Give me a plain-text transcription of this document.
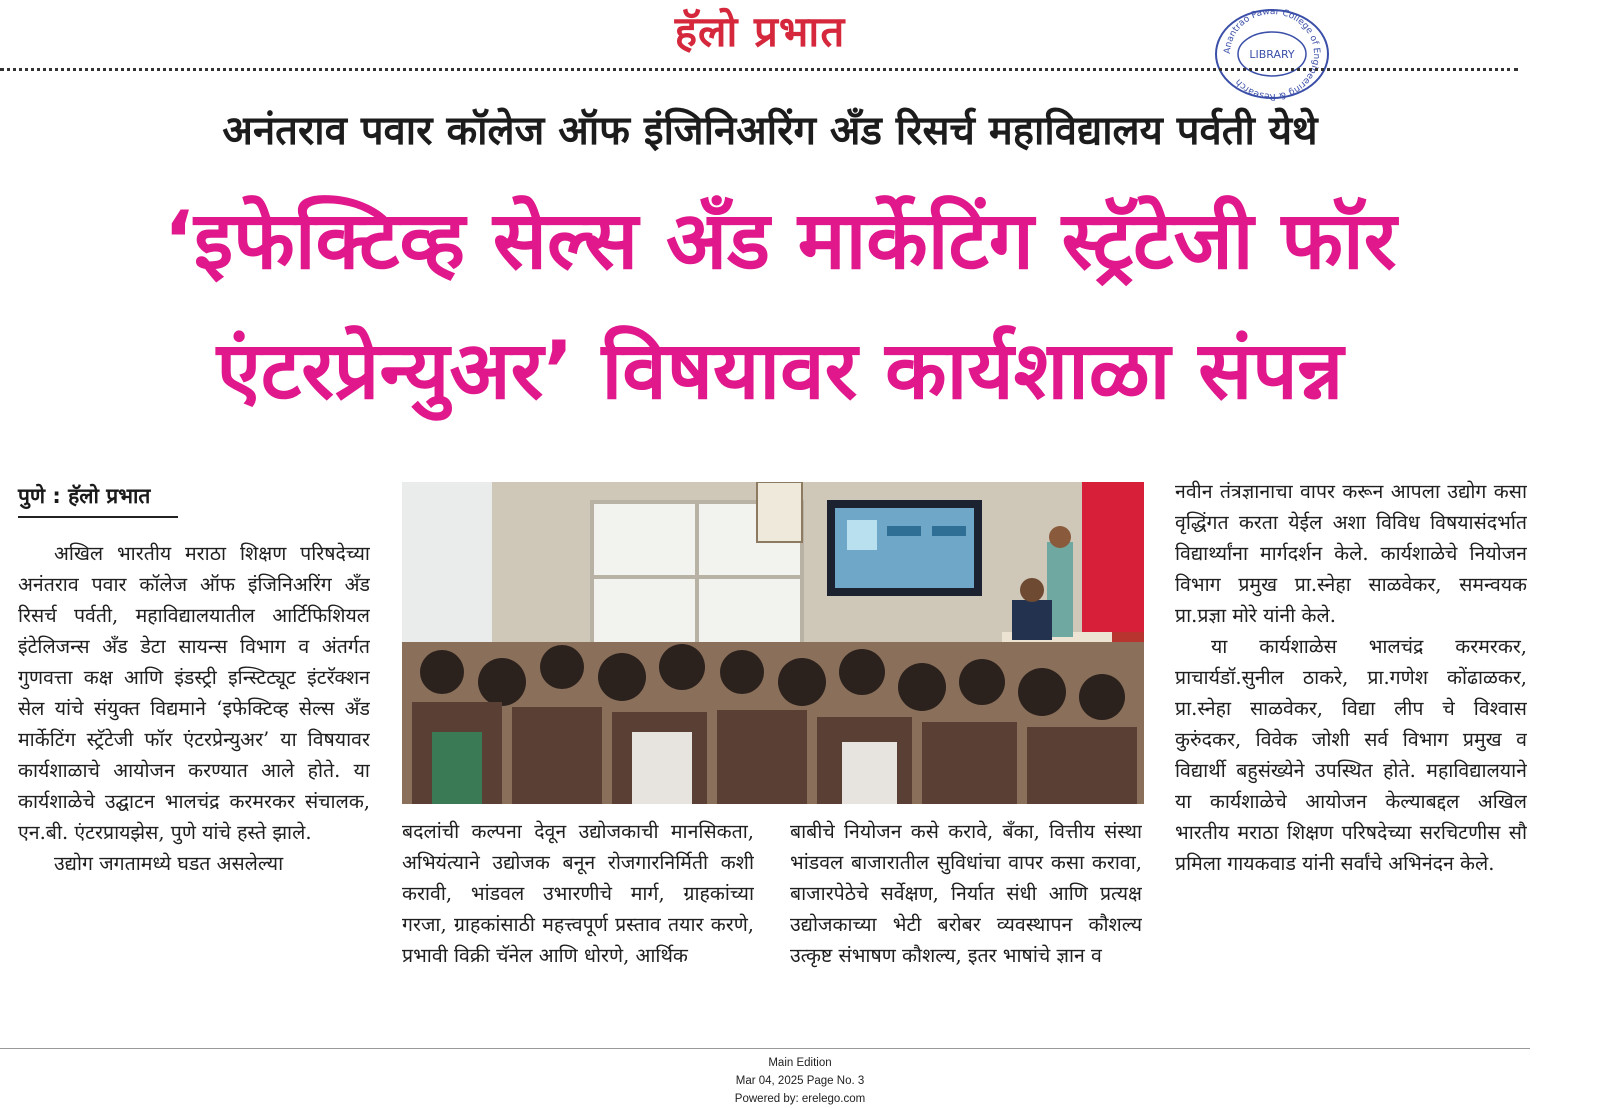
हॅलो प्रभात	Anantrao Pawar College of Engineering & Research
LIBRARY
अनंतराव पवार कॉलेज ऑफ इंजिनिअरिंग अँड रिसर्च महाविद्यालय पर्वती येथे
‘इफेक्टिव्ह सेल्स अँड मार्केटिंग स्ट्रॅटेजी फॉर
एंटरप्रेन्युअर’ विषयावर कार्यशाळा संपन्न
पुणे : हॅलो प्रभात

अखिल भारतीय मराठा शिक्षण परिषदेच्या अनंतराव पवार कॉलेज ऑफ इंजिनिअरिंग अँड रिसर्च पर्वती, महाविद्यालयातील आर्टिफिशियल इंटेलिजन्स अँड डेटा सायन्स विभाग व अंतर्गत गुणवत्ता कक्ष आणि इंडस्ट्री इन्स्टिट्यूट इंटरॅक्शन सेल यांचे संयुक्त विद्यमाने ‘इफेक्टिव्ह सेल्स अँड मार्केटिंग स्ट्रॅटेजी फॉर एंटरप्रेन्युअर’ या विषयावर कार्यशाळाचे आयोजन करण्यात आले होते. या कार्यशाळेचे उद्घाटन भालचंद्र करमरकर संचालक, एन.बी. एंटरप्रायझेस, पुणे यांचे हस्ते झाले.

उद्योग जगतामध्ये घडत असलेल्या

बदलांची कल्पना देवून उद्योजकाची मानसिकता, अभियंत्याने उद्योजक बनून रोजगारनिर्मिती कशी करावी, भांडवल उभारणीचे मार्ग, ग्राहकांच्या गरजा, ग्राहकांसाठी महत्त्वपूर्ण प्रस्ताव तयार करणे, प्रभावी विक्री चॅनेल आणि धोरणे, आर्थिक

बाबीचे नियोजन कसे करावे, बँका, वित्तीय संस्था भांडवल बाजारातील सुविधांचा वापर कसा करावा, बाजारपेठेचे सर्वेक्षण, निर्यात संधी आणि प्रत्यक्ष उद्योजकाच्या भेटी बरोबर व्यवस्थापन कौशल्य उत्कृष्ट संभाषण कौशल्य, इतर भाषांचे ज्ञान व

नवीन तंत्रज्ञानाचा वापर करून आपला उद्योग कसा वृद्धिंगत करता येईल अशा विविध विषयासंदर्भात विद्यार्थ्यांना मार्गदर्शन केले. कार्यशाळेचे नियोजन विभाग प्रमुख प्रा.स्नेहा साळवेकर, समन्वयक प्रा.प्रज्ञा मोरे यांनी केले.

या कार्यशाळेस भालचंद्र करमरकर, प्राचार्यडॉ.सुनील ठाकरे, प्रा.गणेश कोंढाळकर, प्रा.स्नेहा साळवेकर, विद्या लीप चे विश्वास कुरुंदकर, विवेक जोशी सर्व विभाग प्रमुख व विद्यार्थी बहुसंख्येने उपस्थित होते. महाविद्यालयाने या कार्यशाळेचे आयोजन केल्याबद्दल अखिल भारतीय मराठा शिक्षण परिषदेच्या सरचिटणीस सौ प्रमिला गायकवाड यांनी सर्वांचे अभिनंदन केले.

Main Edition
Mar 04, 2025 Page No. 3
Powered by: erelego.com
